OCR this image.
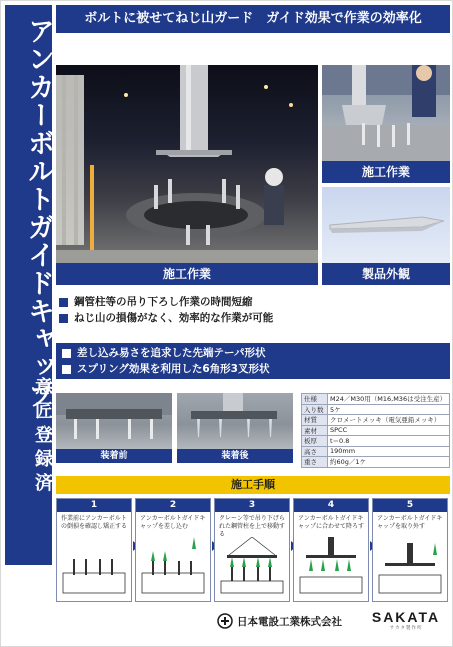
アンカーボルトガイドキャップ
意匠登録済
ボルトに被せてねじ山ガード　ガイド効果で作業の効率化
施工作業
施工作業
製品外観
鋼管柱等の吊り下ろし作業の時間短縮
ねじ山の損傷がなく、効率的な作業が可能
差し込み易さを追求した先端テーパ形状
スプリング効果を利用した6角形3叉形状
装着前	装着後
仕様	M24／M30用（M16,M36は受注生産）
入り数	5ケ
材質	クロメートメッキ（電気亜鉛メッキ）
素材	SPCC
板厚	t＝0.8
高さ	190mm
重さ	約60g／1ケ
施工手順
1
作業前にアンカーボルトの倒損を確認し矯正する
2
アンカーボルトガイドキャップを差し込む
3
クレーン等で吊り下げられた鋼管柱を上で移動する
4
アンカーボルトガイドキャップに合わせて降ろす
5
アンカーボルトガイドキャップを取り外す
日本電設工業株式会社	SAKATA
サカタ製作所
